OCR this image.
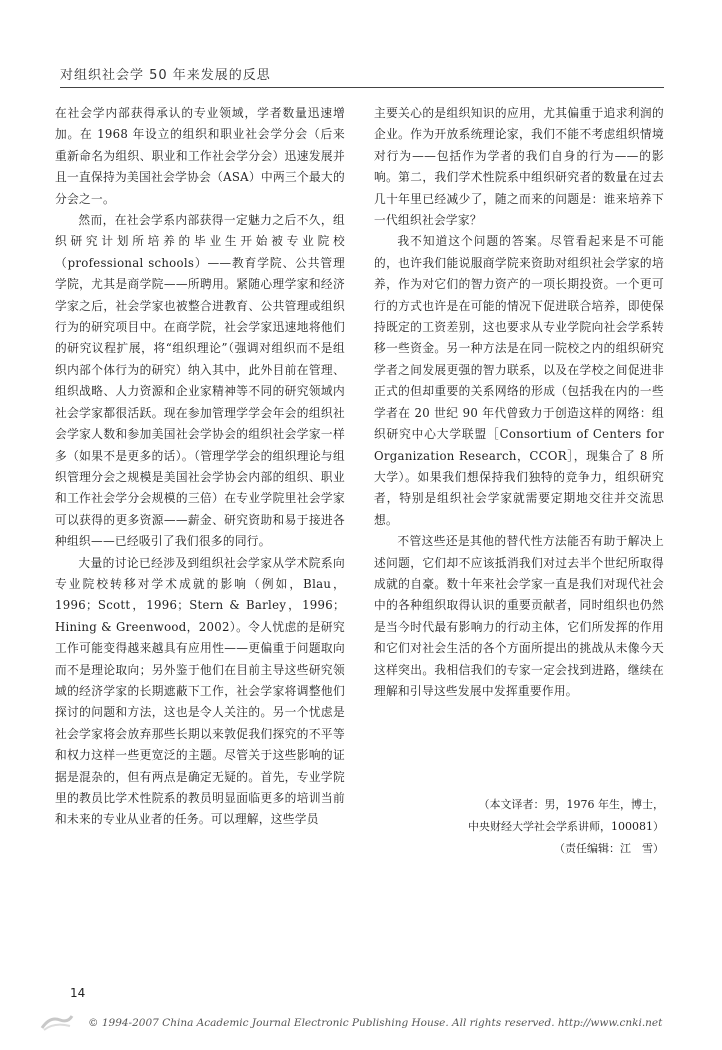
对组织社会学 50 年来发展的反思

在社会学内部获得承认的专业领域，学者数量迅速增加。在 1968 年设立的组织和职业社会学分会（后来重新命名为组织、职业和工作社会学分会）迅速发展并且一直保持为美国社会学协会（ASA）中两三个最大的分会之一。

然而，在社会学系内部获得一定魅力之后不久，组织研究计划所培养的毕业生开始被专业院校（professional schools）——教育学院、公共管理学院，尤其是商学院——所聘用。紧随心理学家和经济学家之后，社会学家也被整合进教育、公共管理或组织行为的研究项目中。在商学院，社会学家迅速地将他们的研究议程扩展，将“组织理论”（强调对组织而不是组织内部个体行为的研究）纳入其中，此外目前在管理、组织战略、人力资源和企业家精神等不同的研究领域内社会学家都很活跃。现在参加管理学学会年会的组织社会学家人数和参加美国社会学协会的组织社会学家一样多（如果不是更多的话）。（管理学学会的组织理论与组织管理分会之规模是美国社会学协会内部的组织、职业和工作社会学分会规模的三倍）在专业学院里社会学家可以获得的更多资源——薪金、研究资助和易于接进各种组织——已经吸引了我们很多的同行。

大量的讨论已经涉及到组织社会学家从学术院系向专业院校转移对学术成就的影响（例如，Blau，1996；Scott，1996；Stern & Barley，1996；Hining & Greenwood，2002）。令人忧虑的是研究工作可能变得越来越具有应用性——更偏重于问题取向而不是理论取向；另外鉴于他们在目前主导这些研究领域的经济学家的长期遮蔽下工作，社会学家将调整他们探讨的问题和方法，这也是令人关注的。另一个忧虑是社会学家将会放弃那些长期以来敦促我们探究的不平等和权力这样一些更宽泛的主题。尽管关于这些影响的证据是混杂的，但有两点是确定无疑的。首先，专业学院里的教员比学术性院系的教员明显面临更多的培训当前和未来的专业从业者的任务。可以理解，这些学员

主要关心的是组织知识的应用，尤其偏重于追求利润的企业。作为开放系统理论家，我们不能不考虑组织情境对行为——包括作为学者的我们自身的行为——的影响。第二，我们学术性院系中组织研究者的数量在过去几十年里已经减少了，随之而来的问题是：谁来培养下一代组织社会学家？

我不知道这个问题的答案。尽管看起来是不可能的，也许我们能说服商学院来资助对组织社会学家的培养，作为对它们的智力资产的一项长期投资。一个更可行的方式也许是在可能的情况下促进联合培养，即使保持既定的工资差别，这也要求从专业学院向社会学系转移一些资金。另一种方法是在同一院校之内的组织研究学者之间发展更强的智力联系，以及在学校之间促进非正式的但却重要的关系网络的形成（包括我在内的一些学者在 20 世纪 90 年代曾致力于创造这样的网络：组织研究中心大学联盟［Consortium of Centers for Organization Research，CCOR］，现集合了 8 所大学）。如果我们想保持我们独特的竞争力，组织研究者，特别是组织社会学家就需要定期地交往并交流思想。

不管这些还是其他的替代性方法能否有助于解决上述问题，它们却不应该抵消我们对过去半个世纪所取得成就的自豪。数十年来社会学家一直是我们对现代社会中的各种组织取得认识的重要贡献者，同时组织也仍然是当今时代最有影响力的行动主体，它们所发挥的作用和它们对社会生活的各个方面所提出的挑战从未像今天这样突出。我相信我们的专家一定会找到进路，继续在理解和引导这些发展中发挥重要作用。

（本文译者：男，1976 年生，博士，
中央财经大学社会学系讲师，100081）
（责任编辑：江　雪）
14
© 1994-2007 China Academic Journal Electronic Publishing House. All rights reserved. http://www.cnki.net
